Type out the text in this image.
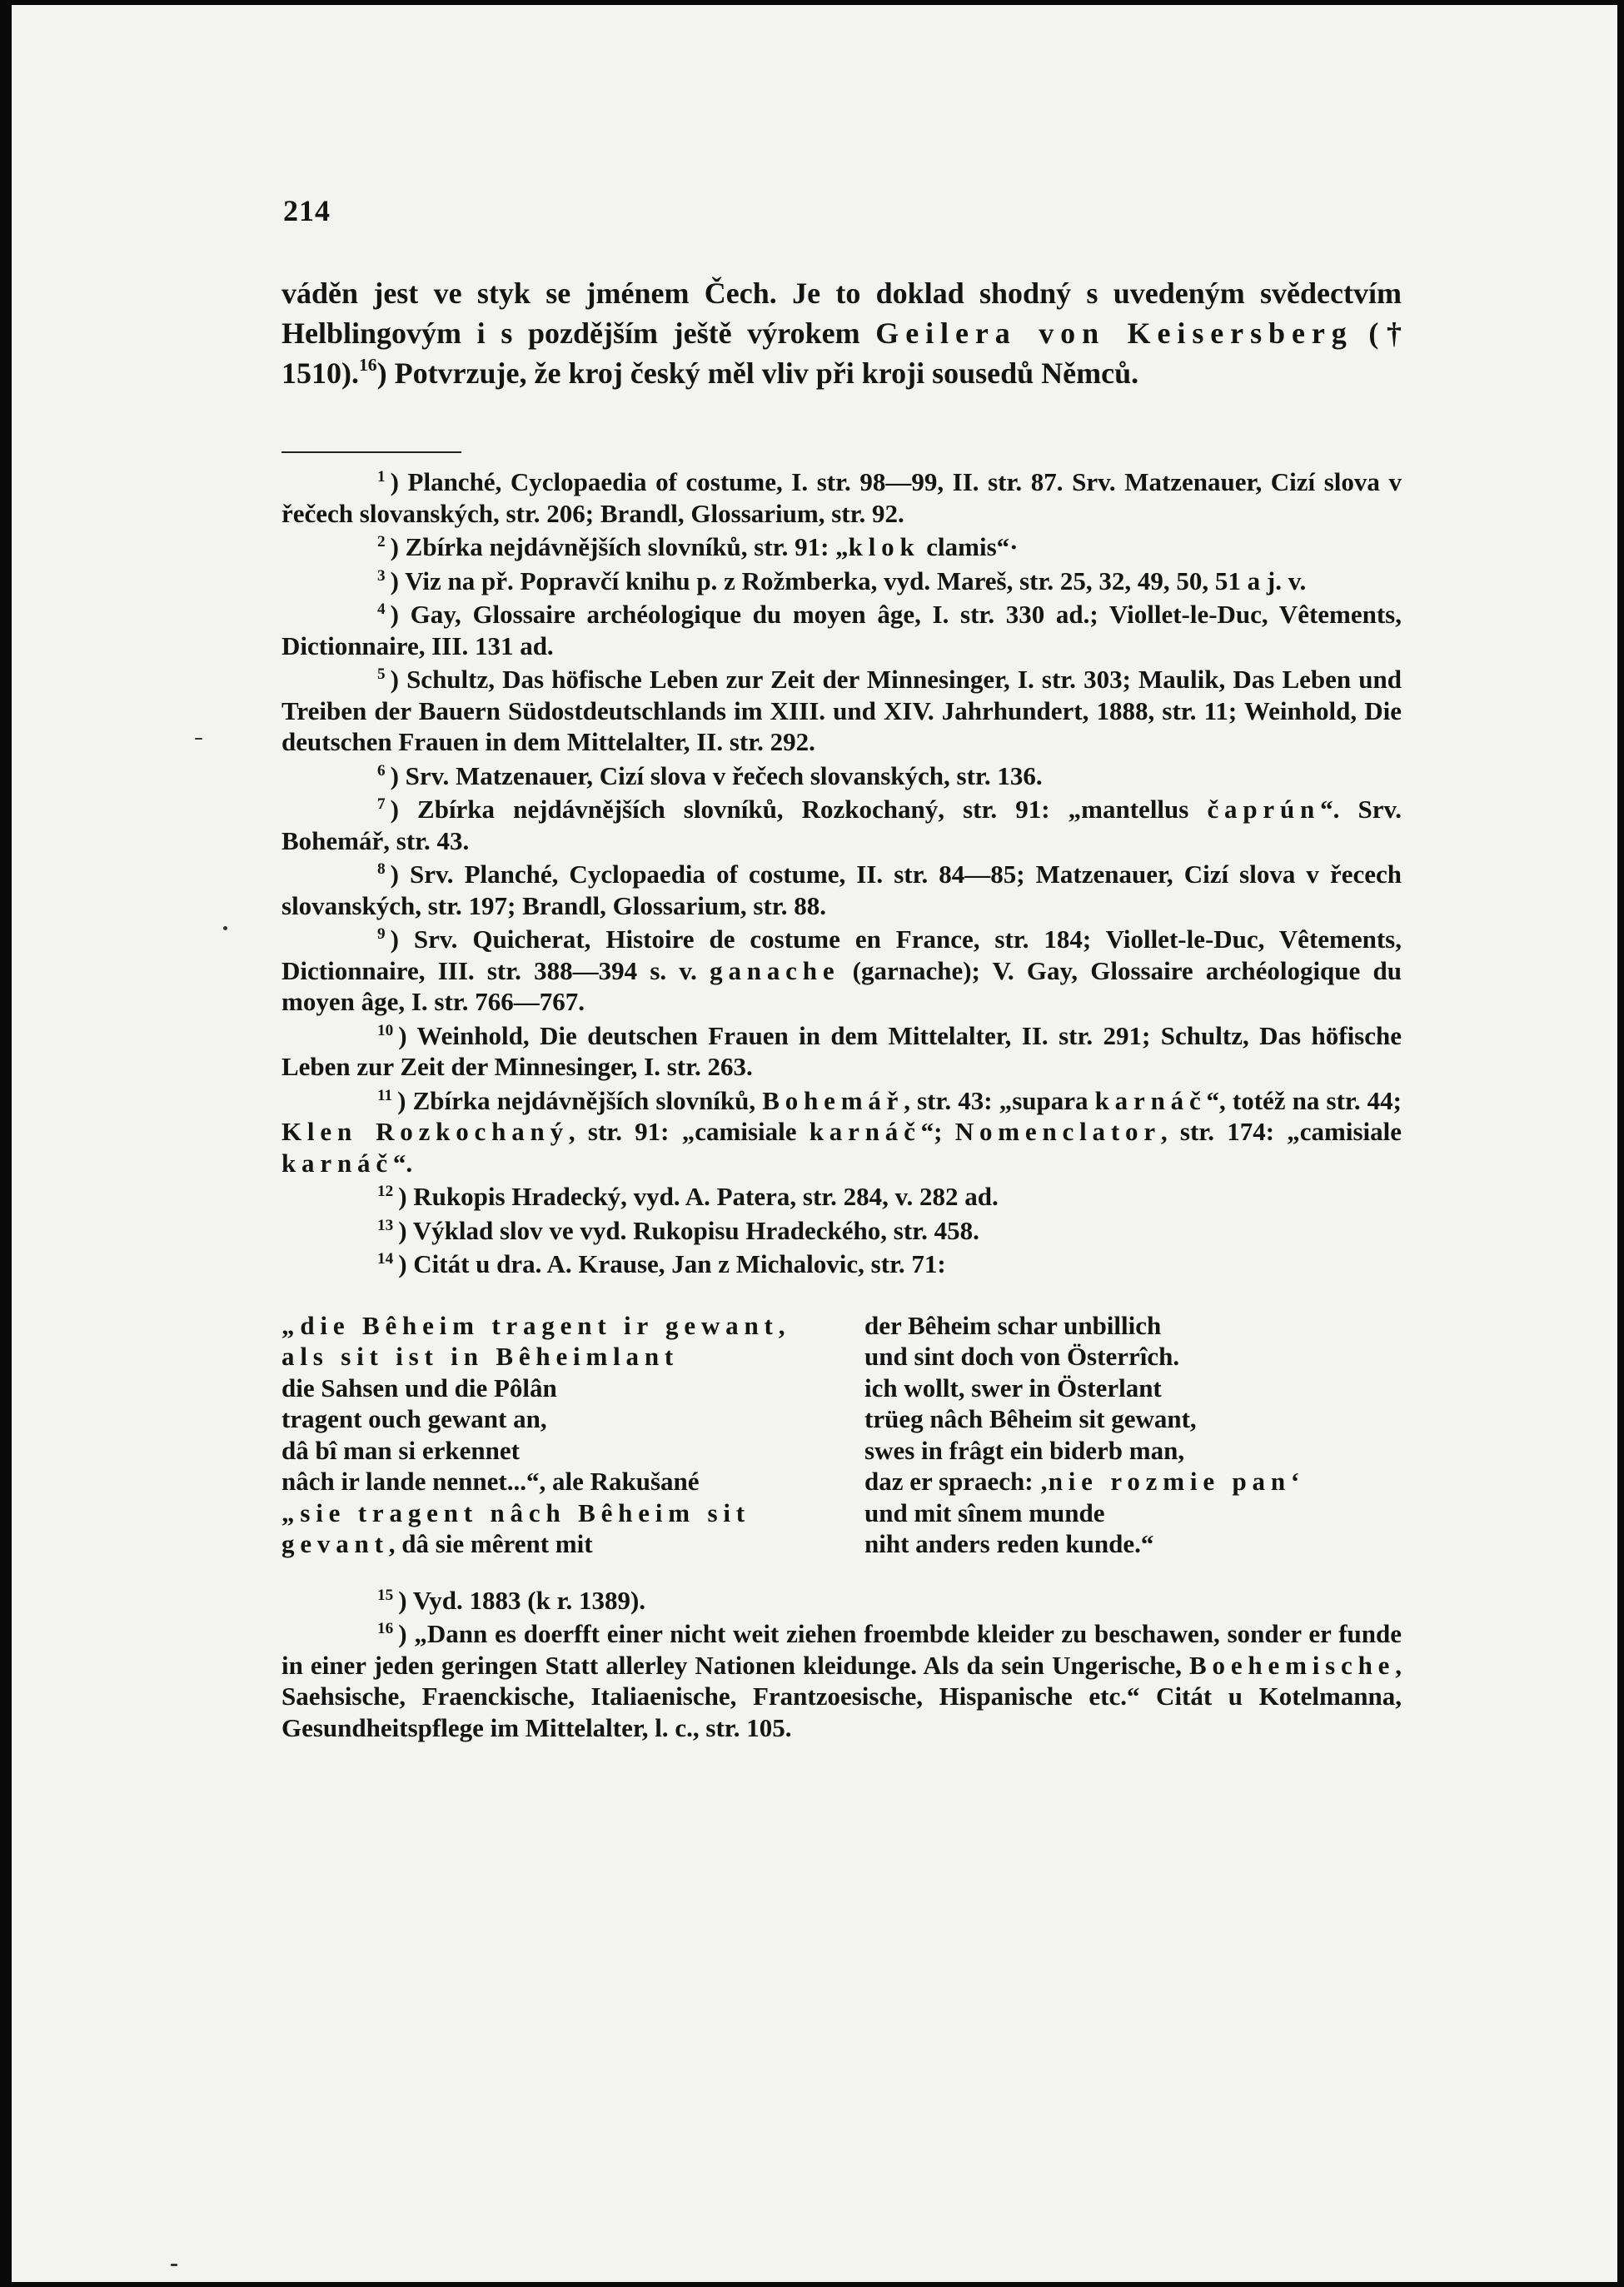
214
váděn jest ve styk se jménem Čech. Je to doklad shodný s uvedeným svědectvím Helblingovým i s pozdějším ještě výrokem Geilera von Keisersberg († 1510).$^{16}$) Potvrzuje, že kroj český měl vliv při kroji sousedů Němců.
$^1$ ) Planché, Cyclopaedia of costume, I. str. 98—99, II. str. 87. Srv. Matzenauer, Cizí slova v řečech slovanských, str. 206; Brandl, Glossarium, str. 92.
$^2$ ) Zbírka nejdávnějších slovníků, str. 91: „klok clamis“·
$^3$ ) Viz na př. Popravčí knihu p. z Rožmberka, vyd. Mareš, str. 25, 32, 49, 50, 51 a j. v.
$^4$ ) Gay, Glossaire archéologique du moyen âge, I. str. 330 ad.; Viollet-le-Duc, Vêtements, Dictionnaire, III. 131 ad.
$^5$ ) Schultz, Das höfische Leben zur Zeit der Minnesinger, I. str. 303; Maulik, Das Leben und Treiben der Bauern Südostdeutschlands im XIII. und XIV. Jahrhundert, 1888, str. 11; Weinhold, Die deutschen Frauen in dem Mittelalter, II. str. 292.
$^6$ ) Srv. Matzenauer, Cizí slova v řečech slovanských, str. 136.
$^7$ ) Zbírka nejdávnějších slovníků, Rozkochaný, str. 91: „mantellus čaprún“. Srv. Bohemář, str. 43.
$^8$ ) Srv. Planché, Cyclopaedia of costume, II. str. 84—85; Matzenauer, Cizí slova v řecech slovanských, str. 197; Brandl, Glossarium, str. 88.
$^9$ ) Srv. Quicherat, Histoire de costume en France, str. 184; Viollet-le-Duc, Vêtements, Dictionnaire, III. str. 388—394 s. v. ganache (garnache); V. Gay, Glossaire archéologique du moyen âge, I. str. 766—767.
$^{10}$ ) Weinhold, Die deutschen Frauen in dem Mittelalter, II. str. 291; Schultz, Das höfische Leben zur Zeit der Minnesinger, I. str. 263.
$^{11}$ ) Zbírka nejdávnějších slovníků, Bohemář, str. 43: „supara karnáč“, totéž na str. 44; Klen Rozkochaný, str. 91: „camisiale karnáč“; Nomenclator, str. 174: „camisiale karnáč“.
$^{12}$ ) Rukopis Hradecký, vyd. A. Patera, str. 284, v. 282 ad.
$^{13}$ ) Výklad slov ve vyd. Rukopisu Hradeckého, str. 458.
$^{14}$ ) Citát u dra. A. Krause, Jan z Michalovic, str. 71:
„die Bêheim tragent ir gewant,
als sit ist in Bêheimlant
die Sahsen und die Pôlân
tragent ouch gewant an,
dâ bî man si erkennet
nâch ir lande nennet...“, ale Rakušané
„sie tragent nâch Bêheim sit
gevant, dâ sie mêrent mit
der Bêheim schar unbillich
und sint doch von Österrîch.
ich wollt, swer in Österlant
trüeg nâch Bêheim sit gewant,
swes in frâgt ein biderb man,
daz er spraech: ‚nie rozmie pan‘
und mit sînem munde
niht anders reden kunde.“
$^{15}$ ) Vyd. 1883 (k r. 1389).
$^{16}$ ) „Dann es doerfft einer nicht weit ziehen froembde kleider zu beschawen, sonder er funde in einer jeden geringen Statt allerley Nationen kleidunge. Als da sein Ungerische, Boehemische, Saehsische, Fraenckische, Italiaenische, Frantzoesische, Hispanische etc.“ Citát u Kotelmanna, Gesundheitspflege im Mittelalter, l. c., str. 105.
